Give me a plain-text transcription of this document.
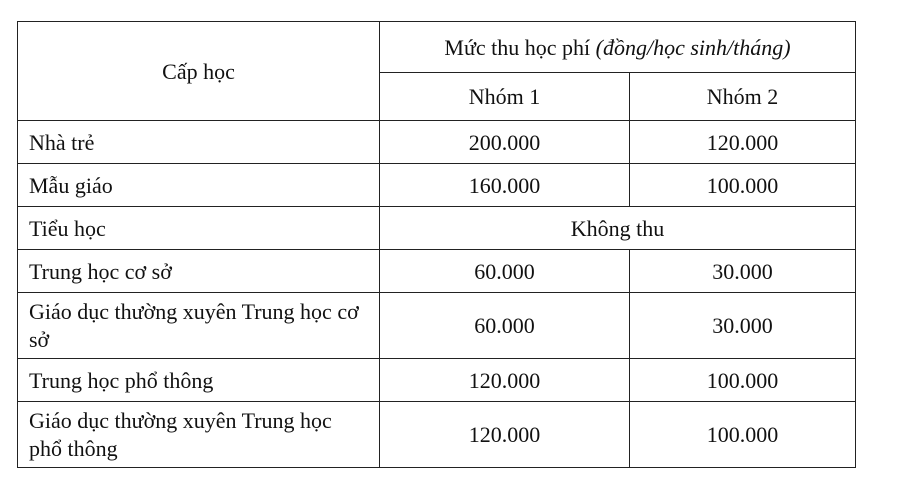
Cấp học	Mức thu học phí (đồng/học sinh/tháng)	
	Nhóm 1	Nhóm 2
Nhà trẻ	200.000	120.000
Mẫu giáo	160.000	100.000
Tiểu học	Không thu	
Trung học cơ sở	60.000	30.000
Giáo dục thường xuyên Trung học cơ sở	60.000	30.000
Trung học phổ thông	120.000	100.000
Giáo dục thường xuyên Trung học phổ thông	120.000	100.000
